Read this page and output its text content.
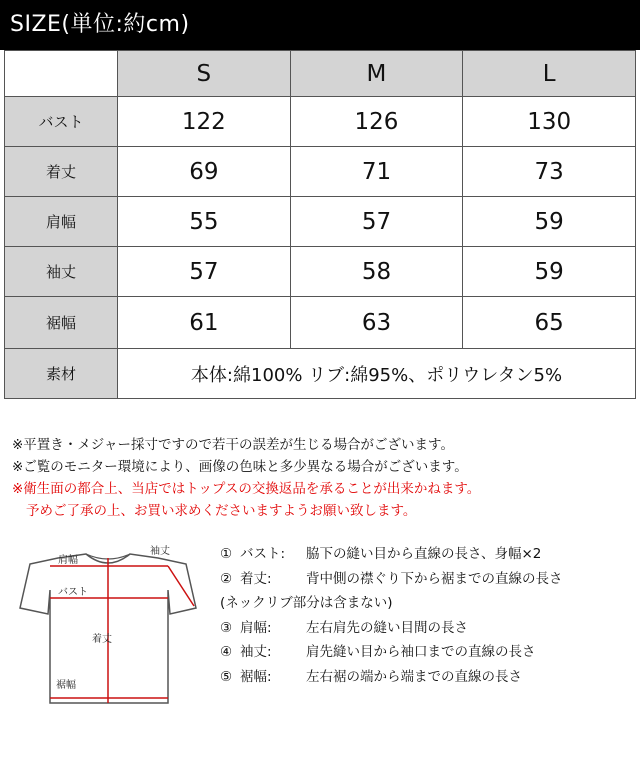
SIZE(単位:約cm)
	S	M	L
バスト	122	126	130
着丈	69	71	73
肩幅	55	57	59
袖丈	57	58	59
裾幅	61	63	65
素材	本体:綿100% リブ:綿95%、ポリウレタン5%		
※平置き・メジャー採寸ですので若干の誤差が生じる場合がございます。
※ご覧のモニター環境により、画像の色味と多少異なる場合がございます。
※衛生面の都合上、当店ではトップスの交換返品を承ることが出来かねます。
予めご了承の上、お買い求めくださいますようお願い致します。
袖丈
肩幅
バスト
着丈
裾幅
① バスト: 脇下の縫い目から直線の長さ、身幅×2
② 着丈:	背中側の襟ぐり下から裾までの直線の長さ
(ネックリブ部分は含まない)
③ 肩幅:	左右肩先の縫い目間の長さ
④ 袖丈:	肩先縫い目から袖口までの直線の長さ
⑤ 裾幅:	左右裾の端から端までの直線の長さ
